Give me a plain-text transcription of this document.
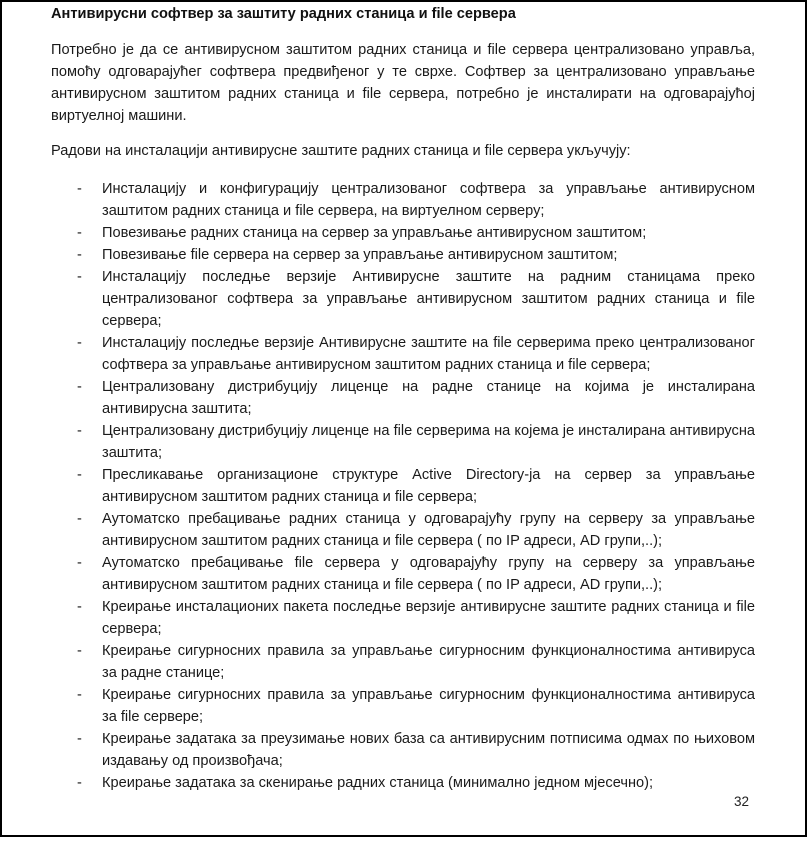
Антивирусни софтвер за заштиту радних станица и file сервера

Потребно је да се антивирусном заштитом радних станица и file сервера централизовано управља, помоћу одговарајућег софтвера предвиђеног у те сврхе. Софтвер за централизовано управљање антивирусном заштитом радних станица и file сервера, потребно је инсталирати на одговарајућој виртуелној машини.

Радови на инсталацији антивирусне заштите радних станица и file сервера укључују:

- Инсталацију и конфигурацију централизованог софтвера за управљање антивирусном заштитом радних станица и file сервера, на виртуелном серверу;
- Повезивање радних станица на сервер за управљање антивирусном заштитом;
- Повезивање file сервера на сервер за управљање антивирусном заштитом;
- Инсталацију последње верзије Антивирусне заштите на радним станицама преко централизованог софтвера за управљање антивирусном заштитом радних станица и file сервера;
- Инсталацију последње верзије Антивирусне заштите на file серверима преко централизованог софтвера за управљање антивирусном заштитом радних станица и file сервера;
- Централизовану дистрибуцију лиценце на радне станице на којима је инсталирана антивирусна заштита;
- Централизовану дистрибуцију лиценце на file серверима на којема је инсталирана антивирусна заштита;
- Пресликавање организационе структуре Active Directory-ја на сервер за управљање антивирусном заштитом радних станица и file сервера;
- Аутоматско пребацивање радних станица у одговарајућу групу на серверу за управљање антивирусном заштитом радних станица и file сервера ( по IP адреси, AD групи,..);
- Аутоматско пребацивање file сервера у одговарајућу групу на серверу за управљање антивирусном заштитом радних станица и file сервера ( по IP адреси, AD групи,..);
- Креирање инсталационих пакета последње верзије антивирусне заштите радних станица и file сервера;
- Креирање сигурносних правила за управљање сигурносним функционалностима антивируса за радне станице;
- Креирање сигурносних правила за управљање сигурносним функционалностима антивируса за file сервере;
- Креирање задатака за преузимање нових база са антивирусним потписима одмах по њиховом издавању од произвођача;
- Креирање задатака за скенирање радних станица (минимално једном мјесечно);
32
